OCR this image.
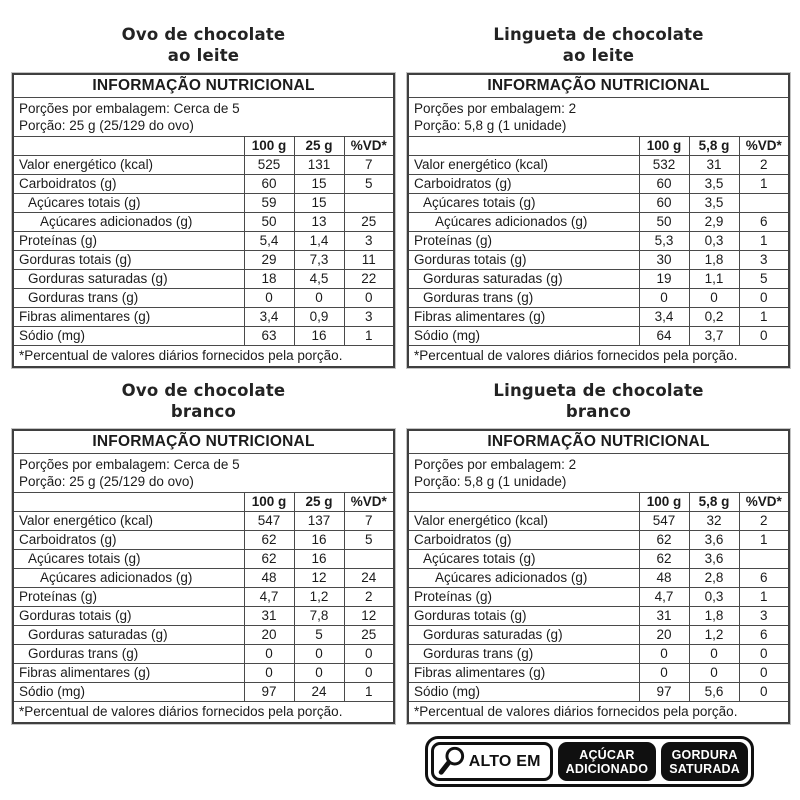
Ovo de chocolate
ao leite
INFORMAÇÃO NUTRICIONAL			

Porções por embalagem: Cerca de 5
Porção: 25 g (25/129 do ovo)			

	100 g	25 g	%VD*
Valor energético (kcal)	525	131	7
Carboidratos (g)	60	15	5
Açúcares totais (g)	59	15	
Açúcares adicionados (g)	50	13	25
Proteínas (g)	5,4	1,4	3
Gorduras totais (g)	29	7,3	11
Gorduras saturadas (g)	18	4,5	22
Gorduras trans (g)	0	0	0
Fibras alimentares (g)	3,4	0,9	3
Sódio (mg)	63	16	1
*Percentual de valores diários fornecidos pela porção.			
Lingueta de chocolate
ao leite
INFORMAÇÃO NUTRICIONAL			

Porções por embalagem: 2
Porção: 5,8 g (1 unidade)			

	100 g	5,8 g	%VD*
Valor energético (kcal)	532	31	2
Carboidratos (g)	60	3,5	1
Açúcares totais (g)	60	3,5	
Açúcares adicionados (g)	50	2,9	6
Proteínas (g)	5,3	0,3	1
Gorduras totais (g)	30	1,8	3
Gorduras saturadas (g)	19	1,1	5
Gorduras trans (g)	0	0	0
Fibras alimentares (g)	3,4	0,2	1
Sódio (mg)	64	3,7	0
*Percentual de valores diários fornecidos pela porção.			
Ovo de chocolate
branco
INFORMAÇÃO NUTRICIONAL			

Porções por embalagem: Cerca de 5
Porção: 25 g (25/129 do ovo)			

	100 g	25 g	%VD*
Valor energético (kcal)	547	137	7
Carboidratos (g)	62	16	5
Açúcares totais (g)	62	16	
Açúcares adicionados (g)	48	12	24
Proteínas (g)	4,7	1,2	2
Gorduras totais (g)	31	7,8	12
Gorduras saturadas (g)	20	5	25
Gorduras trans (g)	0	0	0
Fibras alimentares (g)	0	0	0
Sódio (mg)	97	24	1
*Percentual de valores diários fornecidos pela porção.			
Lingueta de chocolate
branco
INFORMAÇÃO NUTRICIONAL			

Porções por embalagem: 2
Porção: 5,8 g (1 unidade)			

	100 g	5,8 g	%VD*
Valor energético (kcal)	547	32	2
Carboidratos (g)	62	3,6	1
Açúcares totais (g)	62	3,6	
Açúcares adicionados (g)	48	2,8	6
Proteínas (g)	4,7	0,3	1
Gorduras totais (g)	31	1,8	3
Gorduras saturadas (g)	20	1,2	6
Gorduras trans (g)	0	0	0
Fibras alimentares (g)	0	0	0
Sódio (mg)	97	5,6	0
*Percentual de valores diários fornecidos pela porção.			
ALTO EM	AÇÚCAR
ADICIONADO
GORDURA
SATURADA
